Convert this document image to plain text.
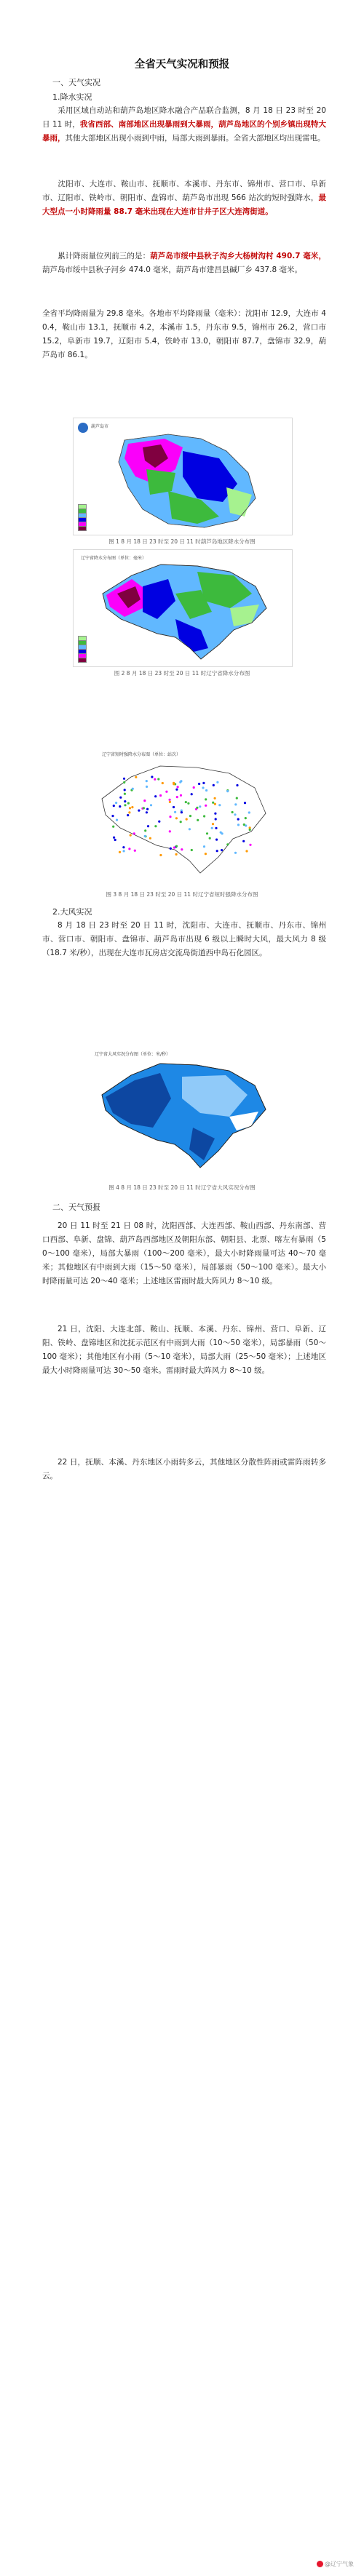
全省天气实况和预报
一、天气实况
1.降水实况

  采用区域自动站和葫芦岛地区降水融合产品联合监测，8 月 18 日 23 时至 20 日 11 时，我省西部、南部地区出现暴雨到大暴雨，葫芦岛地区的个别乡镇出现特大暴雨，其他大部地区出现小雨到中雨，局部大雨到暴雨。全省大部地区均出现雷电。

  沈阳市、大连市、鞍山市、抚顺市、本溪市、丹东市、锦州市、营口市、阜新市、辽阳市、铁岭市、朝阳市、盘锦市、葫芦岛市出现 566 站次的短时强降水，最大型点一小时降雨量 88.7 毫米出现在大连市甘井子区大连湾街道。

  累计降雨量位列前三的是：葫芦岛市绥中县秋子沟乡大杨树沟村 490.7 毫米，葫芦岛市绥中县秋子河乡 474.0 毫米，葫芦岛市建昌县碱厂乡 437.8 毫米。

全省平均降雨量为 29.8 毫米。各地市平均降雨量（毫米）：沈阳市 12.9，大连市 40.4，鞍山市 13.1，抚顺市 4.2，本溪市 1.5，丹东市 9.5，锦州市 26.2，营口市 15.2，阜新市 19.7，辽阳市 5.4，铁岭市 13.0，朝阳市 87.7，盘锦市 32.9，葫芦岛市 86.1。

葫芦岛市
图 1 8 月 18 日 23 时至 20 日 11 时葫芦岛地区降水分布图
辽宁省降水分布图（单位：毫米）
图 2 8 月 18 日 23 时至 20 日 11 时辽宁省降水分布图
辽宁省短时强降水分布图（单位：站次）
图 3 8 月 18 日 23 时至 20 日 11 时辽宁省短时强降水分布图
2.大风实况

  8 月 18 日 23 时至 20 日 11 时，沈阳市、大连市、抚顺市、丹东市、锦州市、营口市、朝阳市、盘锦市、葫芦岛市出现 6 级以上瞬时大风，最大风力 8 级（18.7 米/秒），出现在大连市瓦房店交流岛街道西中岛石化园区。

辽宁省大风实况分布图（单位：米/秒）
图 4 8 月 18 日 23 时至 20 日 11 时辽宁省大风实况分布图
二、天气预报

  20 日 11 时至 21 日 08 时，沈阳西部、大连西部、鞍山西部、丹东南部、营口西部、阜新、盘锦、葫芦岛西部地区及朝阳东部、朝阳县、北票、喀左有暴雨（50～100 毫米），局部大暴雨（100～200 毫米），最大小时降雨量可达 40～70 毫米；其他地区有中雨到大雨（15～50 毫米），局部暴雨（50～100 毫米）。最大小时降雨量可达 20～40 毫米；上述地区雷雨时最大阵风力 8～10 级。

  21 日，沈阳、大连北部、鞍山、抚顺、本溪、丹东、锦州、营口、阜新、辽阳、铁岭、盘锦地区和沈抚示范区有中雨到大雨（10～50 毫米），局部暴雨（50～100 毫米）；其他地区有小雨（5～10 毫米），局部大雨（25～50 毫米）；上述地区最大小时降雨量可达 30～50 毫米。雷雨时最大阵风力 8～10 级。

  22 日，抚顺、本溪、丹东地区小雨转多云，其他地区分散性阵雨或雷阵雨转多云。

@辽宁气象
